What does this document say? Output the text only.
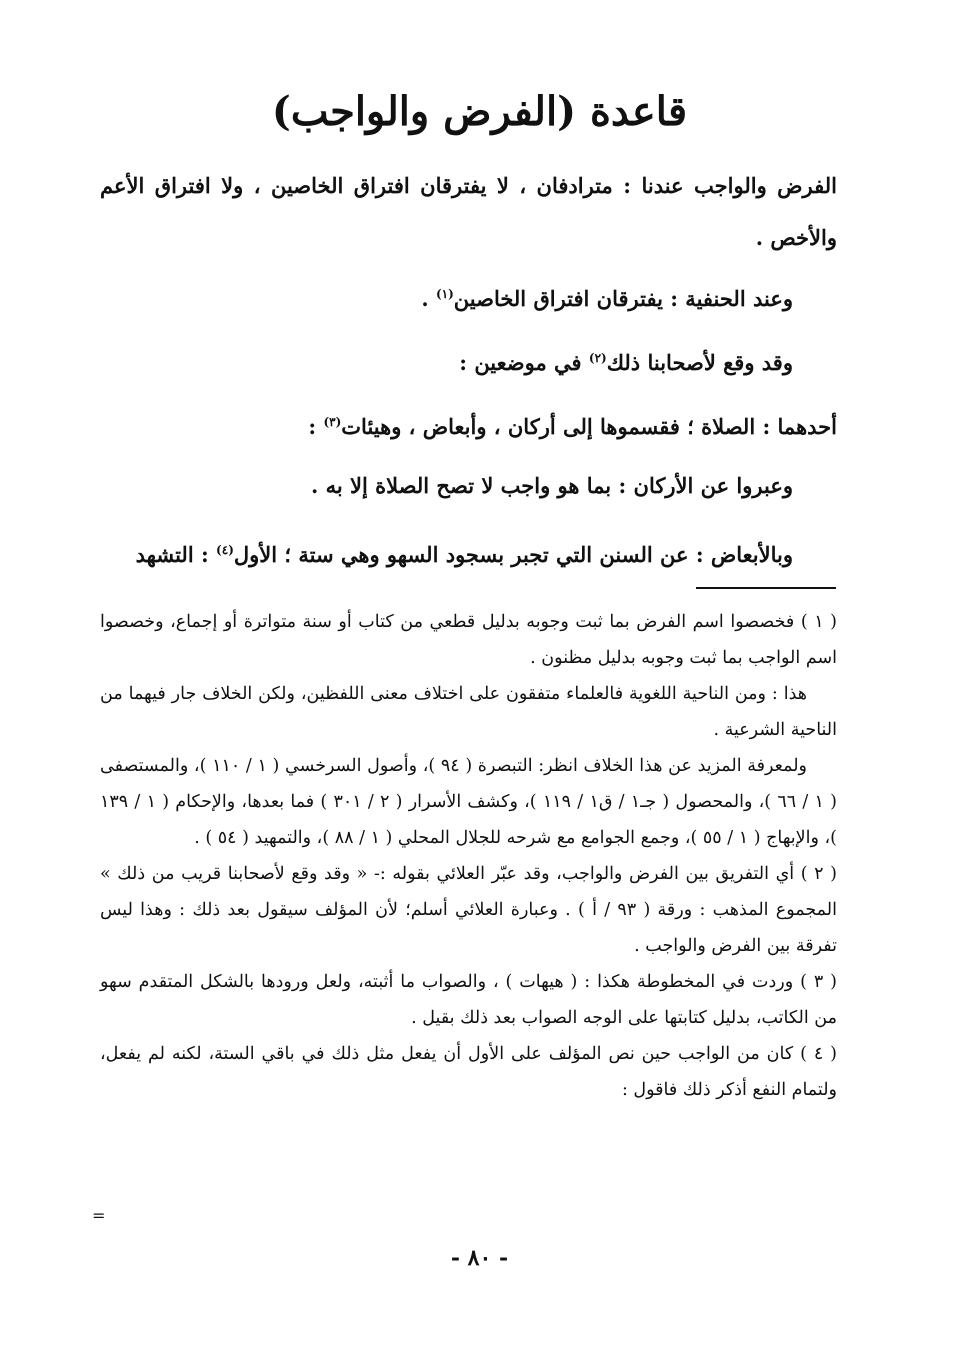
قاعدة (الفرض والواجب)
الفرض والواجب عندنا : مترادفان ، لا يفترقان افتراق الخاصين ، ولا افتراق الأعم والأخص .
وعند الحنفية : يفترقان افتراق الخاصين$^{(١)}$ .
وقد وقع لأصحابنا ذلك$^{(٢)}$ في موضعين :
أحدهما : الصلاة ؛ فقسموها إلى أركان ، وأبعاض ، وهيئات$^{(٣)}$ :
وعبروا عن الأركان : بما هو واجب لا تصح الصلاة إلا به .
وبالأبعاض : عن السنن التي تجبر بسجود السهو وهي ستة ؛ الأول$^{(٤)}$ : التشهد

( ١ ) فخصصوا اسم الفرض بما ثبت وجوبه بدليل قطعي من كتاب أو سنة متواترة أو إجماع، وخصصوا اسم الواجب بما ثبت وجوبه بدليل مظنون .

هذا : ومن الناحية اللغوية فالعلماء متفقون على اختلاف معنى اللفظين، ولكن الخلاف جار فيهما من الناحية الشرعية .

ولمعرفة المزيد عن هذا الخلاف انظر: التبصرة ( ٩٤ )، وأصول السرخسي ( ١ / ١١٠ )، والمستصفى ( ١ / ٦٦ )، والمحصول ( جـ١ / ق١ / ١١٩ )، وكشف الأسرار ( ٢ / ٣٠١ ) فما بعدها، والإحكام ( ١ / ١٣٩ )، والإبهاج ( ١ / ٥٥ )، وجمع الجوامع مع شرحه للجلال المحلي ( ١ / ٨٨ )، والتمهيد ( ٥٤ ) .

( ٢ ) أي التفريق بين الفرض والواجب، وقد عبّر العلائي بقوله :- « وقد وقع لأصحابنا قريب من ذلك » المجموع المذهب : ورقة ( ٩٣ / أ ) . وعبارة العلائي أسلم؛ لأن المؤلف سيقول بعد ذلك : وهذا ليس تفرقة بين الفرض والواجب .

( ٣ ) وردت في المخطوطة هكذا : ( هيهات ) ، والصواب ما أثبته، ولعل ورودها بالشكل المتقدم سهو من الكاتب، بدليل كتابتها على الوجه الصواب بعد ذلك بقيل .

( ٤ ) كان من الواجب حين نص المؤلف على الأول أن يفعل مثل ذلك في باقي الستة، لكنه لم يفعل، ولتمام النفع أذكر ذلك فاقول :

=
- ٨٠ -
